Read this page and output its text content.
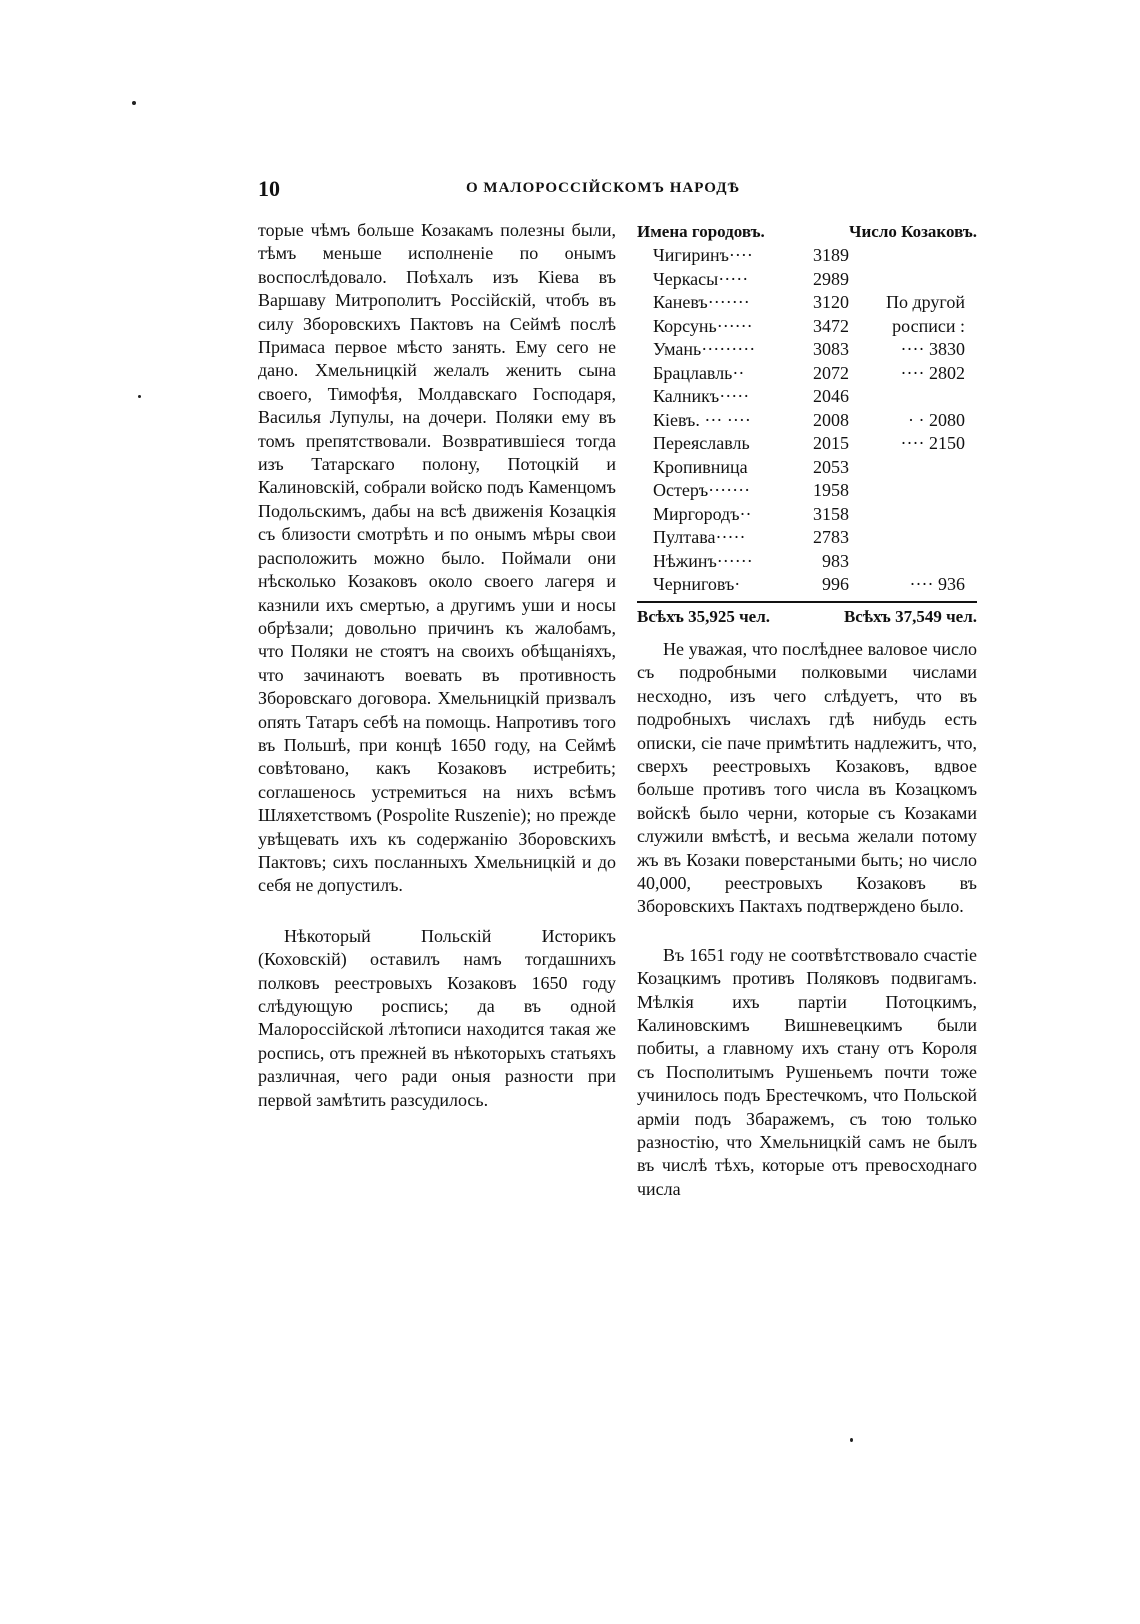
10	О МАЛОРОССІЙСКОМЪ НАРОДѢ

торые чѣмъ больше Козакамъ полезны были, тѣмъ меньше исполненіе по онымъ воспослѣдовало. Поѣхалъ изъ Кіева въ Варшаву Митрополитъ Россійскій, чтобъ въ силу Зборовскихъ Пактовъ на Сеймѣ послѣ Примаса первое мѣсто занять. Ему сего не дано. Хмельницкій желалъ женить сына своего, Тимофѣя, Молдавскаго Господаря, Василья Лупулы, на дочери. Поляки ему въ томъ препятствовали. Возвратившіеся тогда изъ Татарскаго полону, Потоцкій и Калиновскій, собрали войско подъ Каменцомъ Подольскимъ, дабы на всѣ движенія Козацкія съ близости смотрѣть и по онымъ мѣры свои расположить можно было. Поймали они нѣсколько Козаковъ около своего лагеря и казнили ихъ смертью, а другимъ уши и носы обрѣзали; довольно причинъ къ жалобамъ, что Поляки не стоятъ на своихъ обѣщаніяхъ, что зачинаютъ воевать въ противность Зборовскаго договора. Хмельницкій призвалъ опять Татаръ себѣ на помощь. Напротивъ того въ Польшѣ, при концѣ 1650 году, на Сеймѣ совѣтовано, какъ Козаковъ истребить; соглашенось устремиться на нихъ всѣмъ Шляхетствомъ (Pospolite Ruszenie); но прежде увѣщевать ихъ къ содержанію Зборовскихъ Пактовъ; сихъ посланныхъ Хмельницкій и до себя не допустилъ.

Нѣкоторый Польскій Историкъ (Коховскій) оставилъ намъ тогдашнихъ полковъ реестровыхъ Козаковъ 1650 году слѣдующую роспись; да въ одной Малороссійской лѣтописи находится такая же роспись, отъ прежней въ нѣкоторыхъ статьяхъ различная, чего ради оныя разности при первой замѣтить разсудилось.

Имена городовъ.		Число Козаковъ.
Чигиринъ····	3189	
Черкасы·····	2989	
Каневъ·······	3120	По другой
Корсунь······	3472	росписи :
Умань·········	3083	···· 3830
Брацлавль··	2072	···· 2802
Калникъ·····	2046	
Кіевъ. ··· ····	2008	· · 2080
Переяславль	2015	···· 2150
Кропивница	2053	
Остеръ·······	1958	
Миргородъ··	3158	
Пултава·····	2783	
Нѣжинъ······	983	
Черниговъ·	996	···· 936
Всѣхъ 35,925 чел.	Всѣхъ 37,549 чел.

Не уважая, что послѣднее валовое число съ подробными полковыми числами несходно, изъ чего слѣдуетъ, что въ подробныхъ числахъ гдѣ нибудь есть описки, сіе паче примѣтить надлежитъ, что, сверхъ реестровыхъ Козаковъ, вдвое больше противъ того числа въ Козацкомъ войскѣ было черни, которые съ Козаками служили вмѣстѣ, и весьма желали потому жъ въ Козаки поверстаными быть; но число 40,000, реестровыхъ Козаковъ въ Зборовскихъ Пактахъ подтверждено было.

Въ 1651 году не соотвѣтствовало счастіе Козацкимъ противъ Поляковъ подвигамъ. Мѣлкія ихъ партіи Потоцкимъ, Калиновскимъ Вишневецкимъ были побиты, а главному ихъ стану отъ Короля съ Посполитымъ Рушеньемъ почти тоже учинилось подъ Брестечкомъ, что Польской арміи подъ Збаражемъ, съ тою только разностію, что Хмельницкій самъ не былъ въ числѣ тѣхъ, которые отъ превосходнаго числа
